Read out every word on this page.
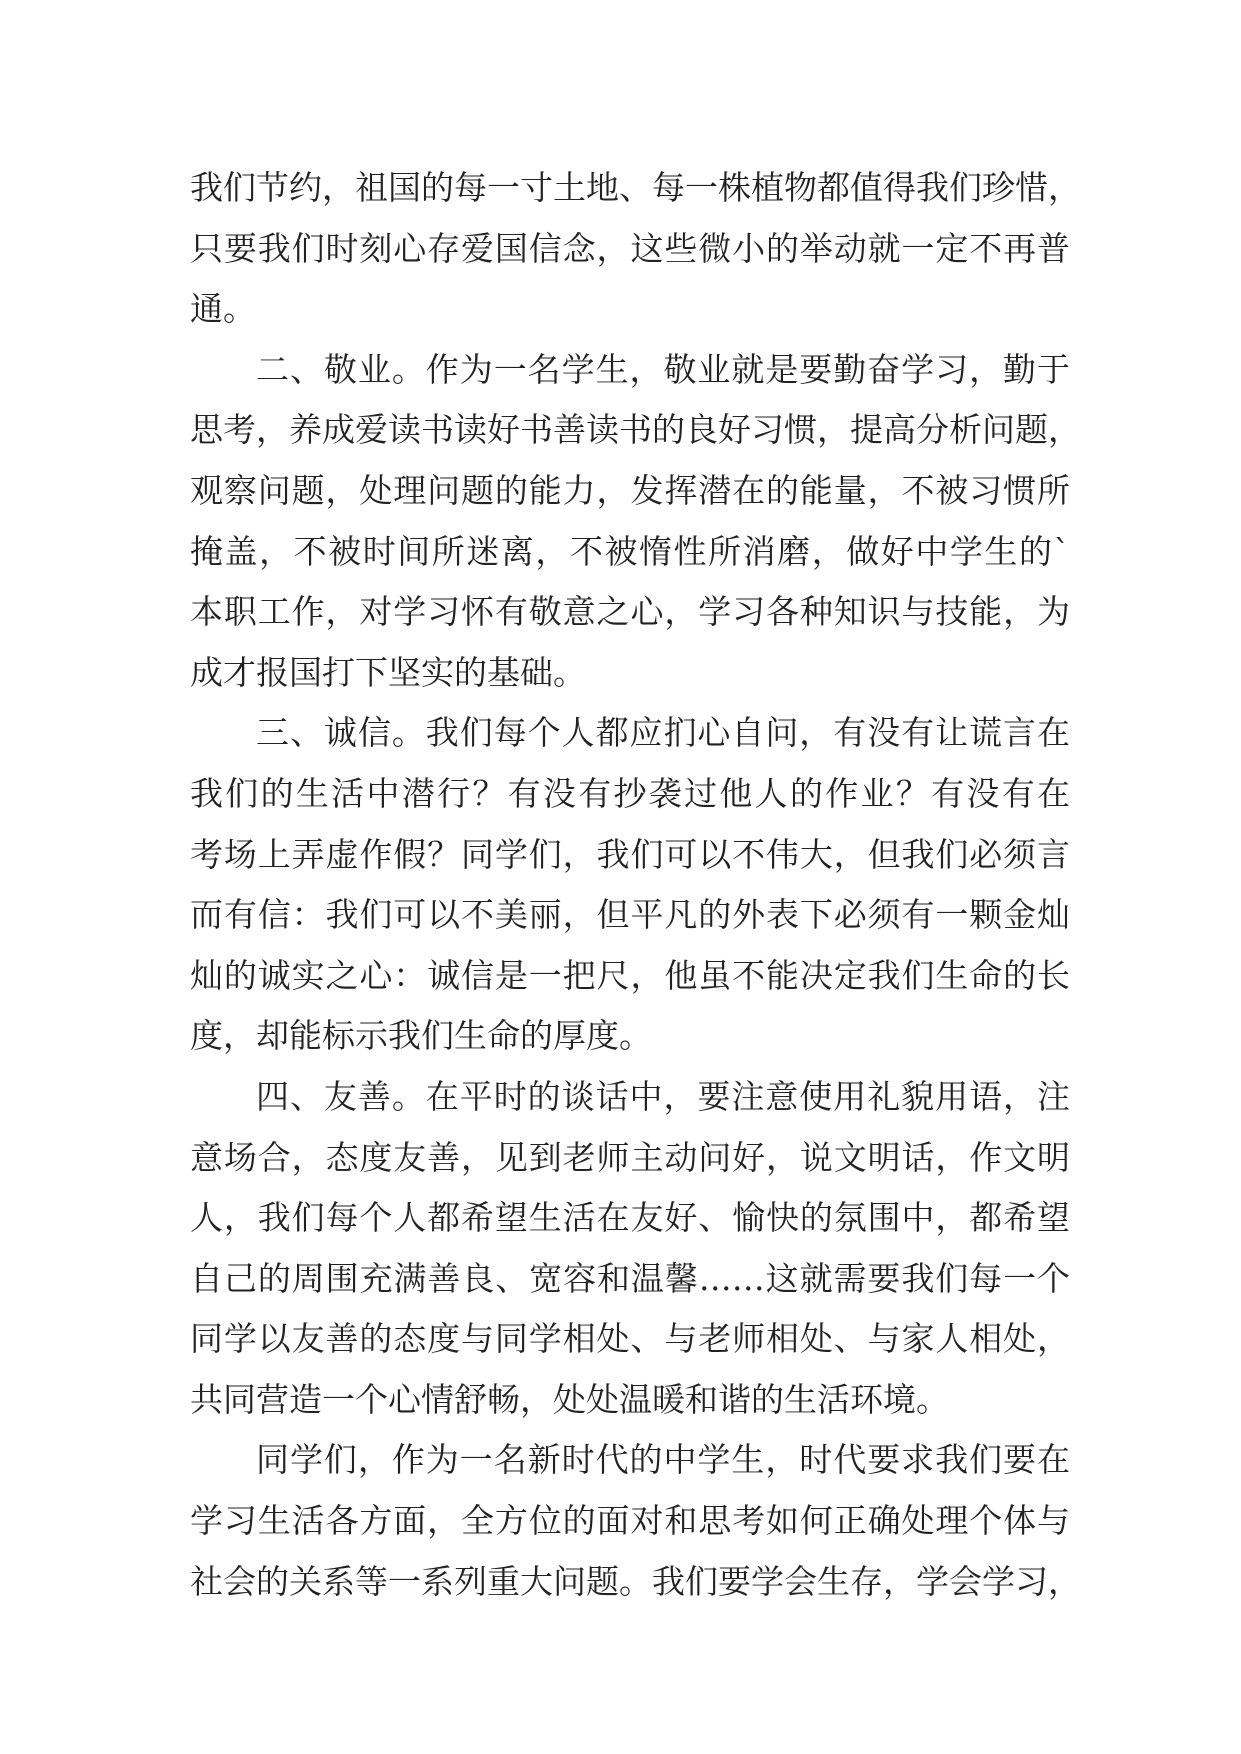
我们节约，祖国的每一寸土地、每一株植物都值得我们珍惜，
只要我们时刻心存爱国信念，这些微小的举动就一定不再普
通。
二、敬业。作为一名学生，敬业就是要勤奋学习，勤于
思考，养成爱读书读好书善读书的良好习惯，提高分析问题，
观察问题，处理问题的能力，发挥潜在的能量，不被习惯所
掩盖，不被时间所迷离，不被惰性所消磨，做好中学生的`
本职工作，对学习怀有敬意之心，学习各种知识与技能，为
成才报国打下坚实的基础。
三、诚信。我们每个人都应扪心自问，有没有让谎言在
我们的生活中潜行？有没有抄袭过他人的作业？有没有在
考场上弄虚作假？同学们，我们可以不伟大，但我们必须言
而有信：我们可以不美丽，但平凡的外表下必须有一颗金灿
灿的诚实之心：诚信是一把尺，他虽不能决定我们生命的长
度，却能标示我们生命的厚度。
四、友善。在平时的谈话中，要注意使用礼貌用语，注
意场合，态度友善，见到老师主动问好，说文明话，作文明
人，我们每个人都希望生活在友好、愉快的氛围中，都希望
自己的周围充满善良、宽容和温馨……这就需要我们每一个
同学以友善的态度与同学相处、与老师相处、与家人相处，
共同营造一个心情舒畅，处处温暖和谐的生活环境。
同学们，作为一名新时代的中学生，时代要求我们要在
学习生活各方面，全方位的面对和思考如何正确处理个体与
社会的关系等一系列重大问题。我们要学会生存，学会学习，
